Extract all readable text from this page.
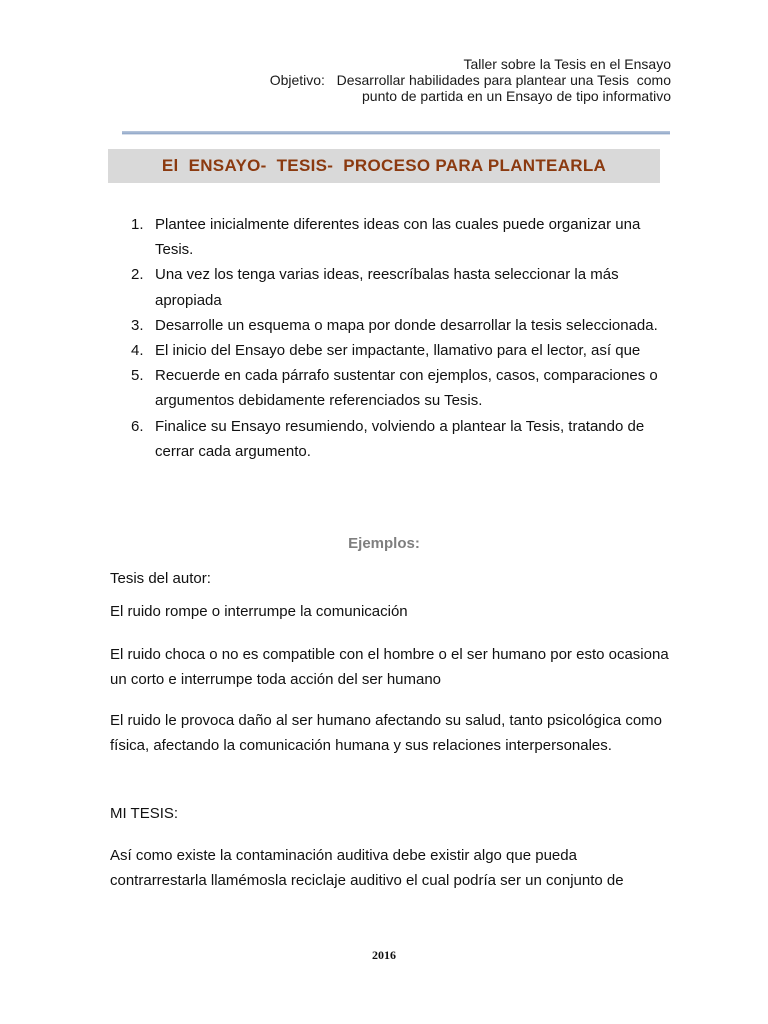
Taller sobre la Tesis en el Ensayo
Objetivo:   Desarrollar habilidades para plantear una Tesis  como
punto de partida en un Ensayo de tipo informativo
El  ENSAYO-  TESIS-  PROCESO PARA PLANTEARLA
1. Plantee inicialmente diferentes ideas con las cuales puede organizar una Tesis.
2. Una vez los tenga varias ideas, reescríbalas hasta seleccionar la más apropiada
3. Desarrolle un esquema o mapa por donde desarrollar la tesis seleccionada.
4. El inicio del Ensayo debe ser impactante, llamativo para el lector, así que
5. Recuerde en cada párrafo sustentar con ejemplos, casos, comparaciones o argumentos debidamente referenciados su Tesis.
6. Finalice su Ensayo resumiendo, volviendo a plantear la Tesis, tratando de cerrar cada argumento.
Ejemplos:
Tesis del autor:
El ruido rompe o interrumpe la comunicación
El ruido choca o no es compatible con el hombre o el ser humano por esto ocasiona un corto e interrumpe toda acción del ser humano
El ruido le provoca daño al ser humano afectando su salud, tanto psicológica como física, afectando la comunicación humana y sus relaciones interpersonales.
MI TESIS:
Así como existe la contaminación auditiva debe existir algo que pueda contrarrestarla llamémosla reciclaje auditivo el cual podría ser un conjunto de
2016
